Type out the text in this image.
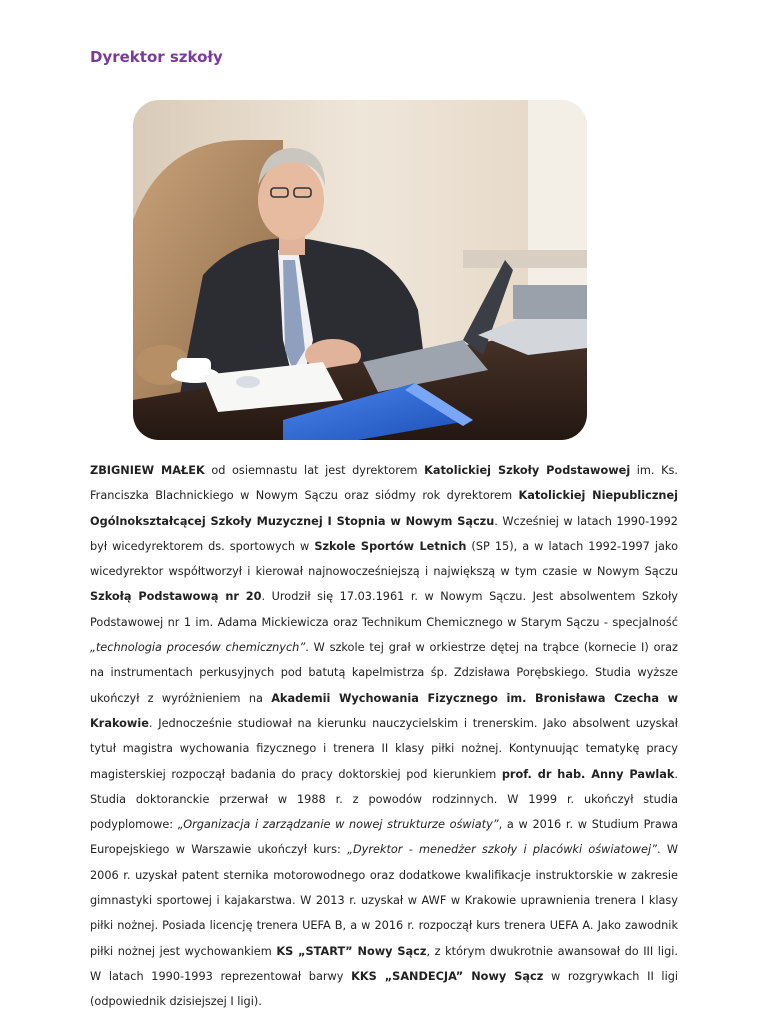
Dyrektor szkoły
ZBIGNIEW MAŁEK od osiemnastu lat jest dyrektorem Katolickiej Szkoły Podstawowej im. Ks. Franciszka Blachnickiego w Nowym Sączu oraz siódmy rok dyrektorem Katolickiej Niepublicznej Ogólnokształcącej Szkoły Muzycznej I Stopnia w Nowym Sączu. Wcześniej w latach 1990-1992 był wicedyrektorem ds. sportowych w Szkole Sportów Letnich (SP 15), a w latach 1992-1997 jako wicedyrektor współtworzył i kierował najnowocześniejszą i największą w tym czasie w Nowym Sączu Szkołą Podstawową nr 20. Urodził się 17.03.1961 r. w Nowym Sączu. Jest absolwentem Szkoły Podstawowej nr 1 im. Adama Mickiewicza oraz Technikum Chemicznego w Starym Sączu - specjalność „technologia procesów chemicznych”. W szkole tej grał w orkiestrze dętej na trąbce (kornecie I) oraz na instrumentach perkusyjnych pod batutą kapelmistrza śp. Zdzisława Porębskiego. Studia wyższe ukończył z wyróżnieniem na Akademii Wychowania Fizycznego im. Bronisława Czecha w Krakowie. Jednocześnie studiował na kierunku nauczycielskim i trenerskim. Jako absolwent uzyskał tytuł magistra wychowania fizycznego i trenera II klasy piłki nożnej. Kontynuując tematykę pracy magisterskiej rozpoczął badania do pracy doktorskiej pod kierunkiem prof. dr hab. Anny Pawlak. Studia doktoranckie przerwał w 1988 r. z powodów rodzinnych. W 1999 r. ukończył studia podyplomowe: „Organizacja i zarządzanie w nowej strukturze oświaty”, a w 2016 r. w Studium Prawa Europejskiego w Warszawie ukończył kurs: „Dyrektor - menedżer szkoły i placówki oświatowej”. W 2006 r. uzyskał patent sternika motorowodnego oraz dodatkowe kwalifikacje instruktorskie w zakresie gimnastyki sportowej i kajakarstwa. W 2013 r. uzyskał w AWF w Krakowie uprawnienia trenera I klasy piłki nożnej. Posiada licencję trenera UEFA B, a w 2016 r. rozpoczął kurs trenera UEFA A. Jako zawodnik piłki nożnej jest wychowankiem KS „START” Nowy Sącz, z którym dwukrotnie awansował do III ligi. W latach 1990-1993 reprezentował barwy KKS „SANDECJA” Nowy Sącz w rozgrywkach II ligi (odpowiednik dzisiejszej I ligi).
